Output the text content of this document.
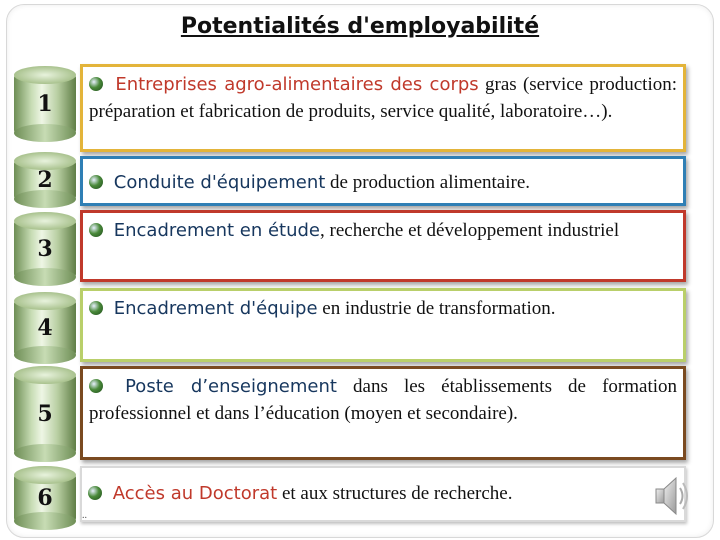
Potentialités d'employabilité
1
2
3
4
5
6
Entreprises agro-alimentaires des corps gras (service production: préparation et fabrication de produits, service qualité, laboratoire…).
Conduite d'équipement de production alimentaire.
Encadrement en étude, recherche et développement industriel
Encadrement d'équipe en industrie de transformation.
Poste d’enseignement dans les établissements de formation professionnel et dans l’éducation (moyen et secondaire).
Accès au Doctorat et aux structures de recherche.
..
